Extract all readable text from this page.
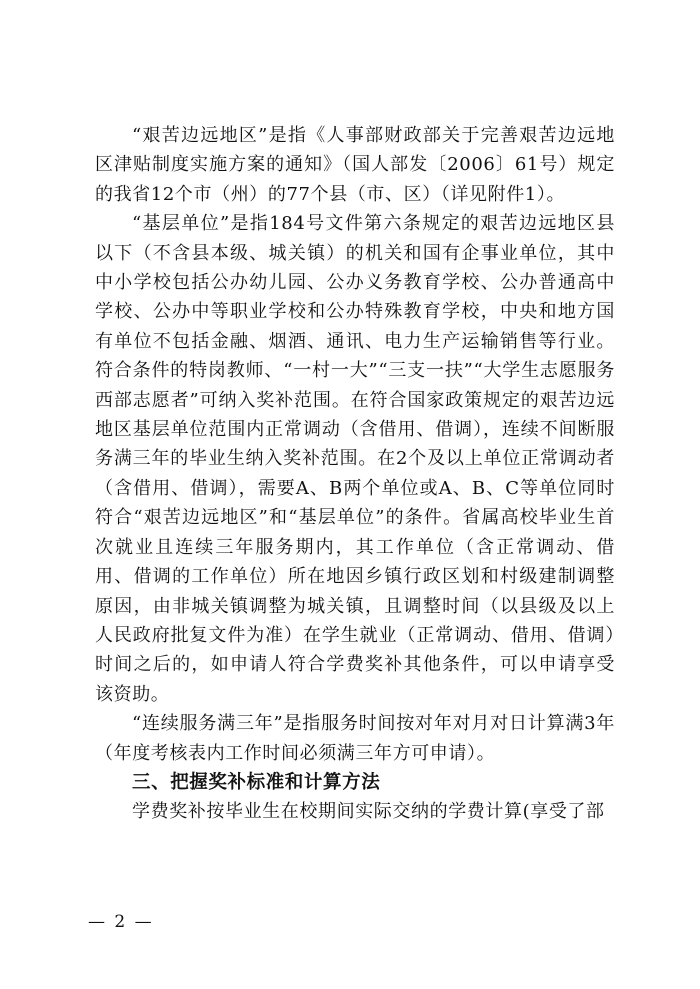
“艰苦边远地区”是指《人事部财政部关于完善艰苦边远地区津贴制度实施方案的通知》（国人部发〔2006〕61号）规定的我省12个市（州）的77个县（市、区）（详见附件1）。

“基层单位”是指184号文件第六条规定的艰苦边远地区县以下（不含县本级、城关镇）的机关和国有企事业单位，其中中小学校包括公办幼儿园、公办义务教育学校、公办普通高中学校、公办中等职业学校和公办特殊教育学校，中央和地方国有单位不包括金融、烟酒、通讯、电力生产运输销售等行业。符合条件的特岗教师、“一村一大”“三支一扶”“大学生志愿服务西部志愿者”可纳入奖补范围。在符合国家政策规定的艰苦边远地区基层单位范围内正常调动（含借用、借调），连续不间断服务满三年的毕业生纳入奖补范围。在2个及以上单位正常调动者（含借用、借调），需要A、B两个单位或A、B、C等单位同时符合“艰苦边远地区”和“基层单位”的条件。省属高校毕业生首次就业且连续三年服务期内，其工作单位（含正常调动、借用、借调的工作单位）所在地因乡镇行政区划和村级建制调整原因，由非城关镇调整为城关镇，且调整时间（以县级及以上人民政府批复文件为准）在学生就业（正常调动、借用、借调）时间之后的，如申请人符合学费奖补其他条件，可以申请享受该资助。

“连续服务满三年”是指服务时间按对年对月对日计算满3年（年度考核表内工作时间必须满三年方可申请）。

三、把握奖补标准和计算方法

学费奖补按毕业生在校期间实际交纳的学费计算(享受了部

— 2 —
